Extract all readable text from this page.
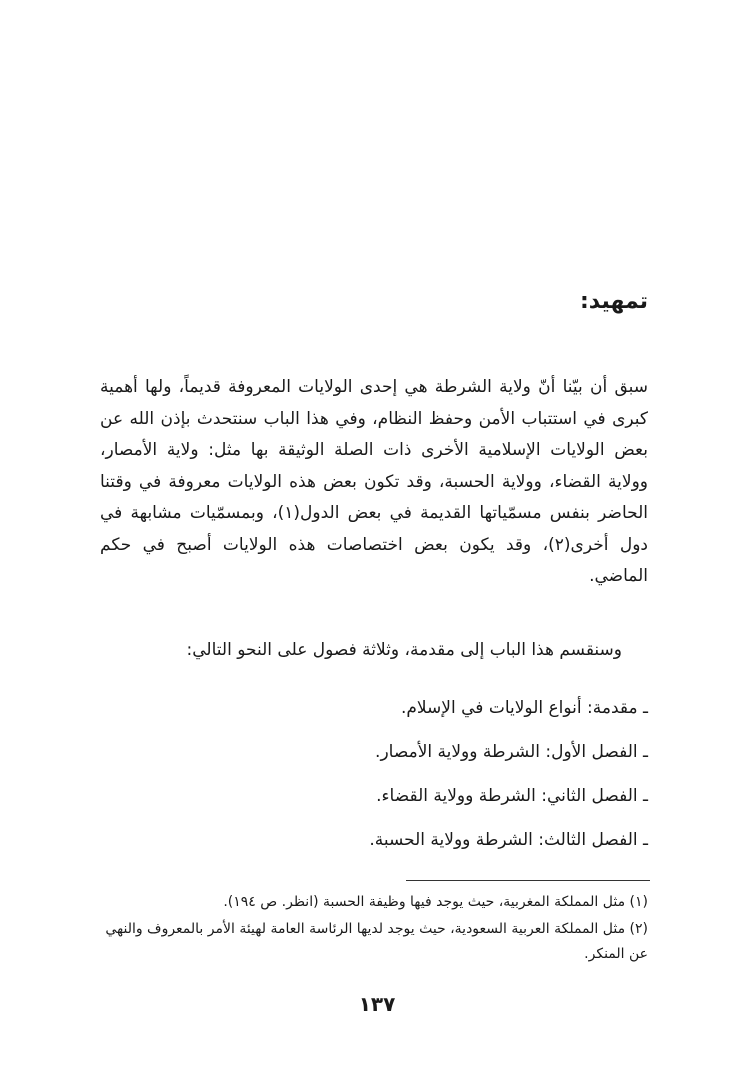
تمهيد:

سبق أن بيّنا أنّ ولاية الشرطة هي إحدى الولايات المعروفة قديماً، ولها أهمية كبرى في استتباب الأمن وحفظ النظام، وفي هذا الباب سنتحدث بإذن الله عن بعض الولايات الإسلامية الأخرى ذات الصلة الوثيقة بها مثل: ولاية الأمصار، وولاية القضاء، وولاية الحسبة، وقد تكون بعض هذه الولايات معروفة في وقتنا الحاضر بنفس مسمّياتها القديمة في بعض الدول(١)، وبمسمّيات مشابهة في دول أخرى(٢)، وقد يكون بعض اختصاصات هذه الولايات أصبح في حكم الماضي.

وسنقسم هذا الباب إلى مقدمة، وثلاثة فصول على النحو التالي:

ـ مقدمة: أنواع الولايات في الإسلام.
ـ الفصل الأول: الشرطة وولاية الأمصار.
ـ الفصل الثاني: الشرطة وولاية القضاء.
ـ الفصل الثالث: الشرطة وولاية الحسبة.
(١) مثل المملكة المغربية، حيث يوجد فيها وظيفة الحسبة (انظر. ص ١٩٤).
(٢) مثل المملكة العربية السعودية، حيث يوجد لديها الرئاسة العامة لهيئة الأمر بالمعروف والنهي عن المنكر.
١٣٧
